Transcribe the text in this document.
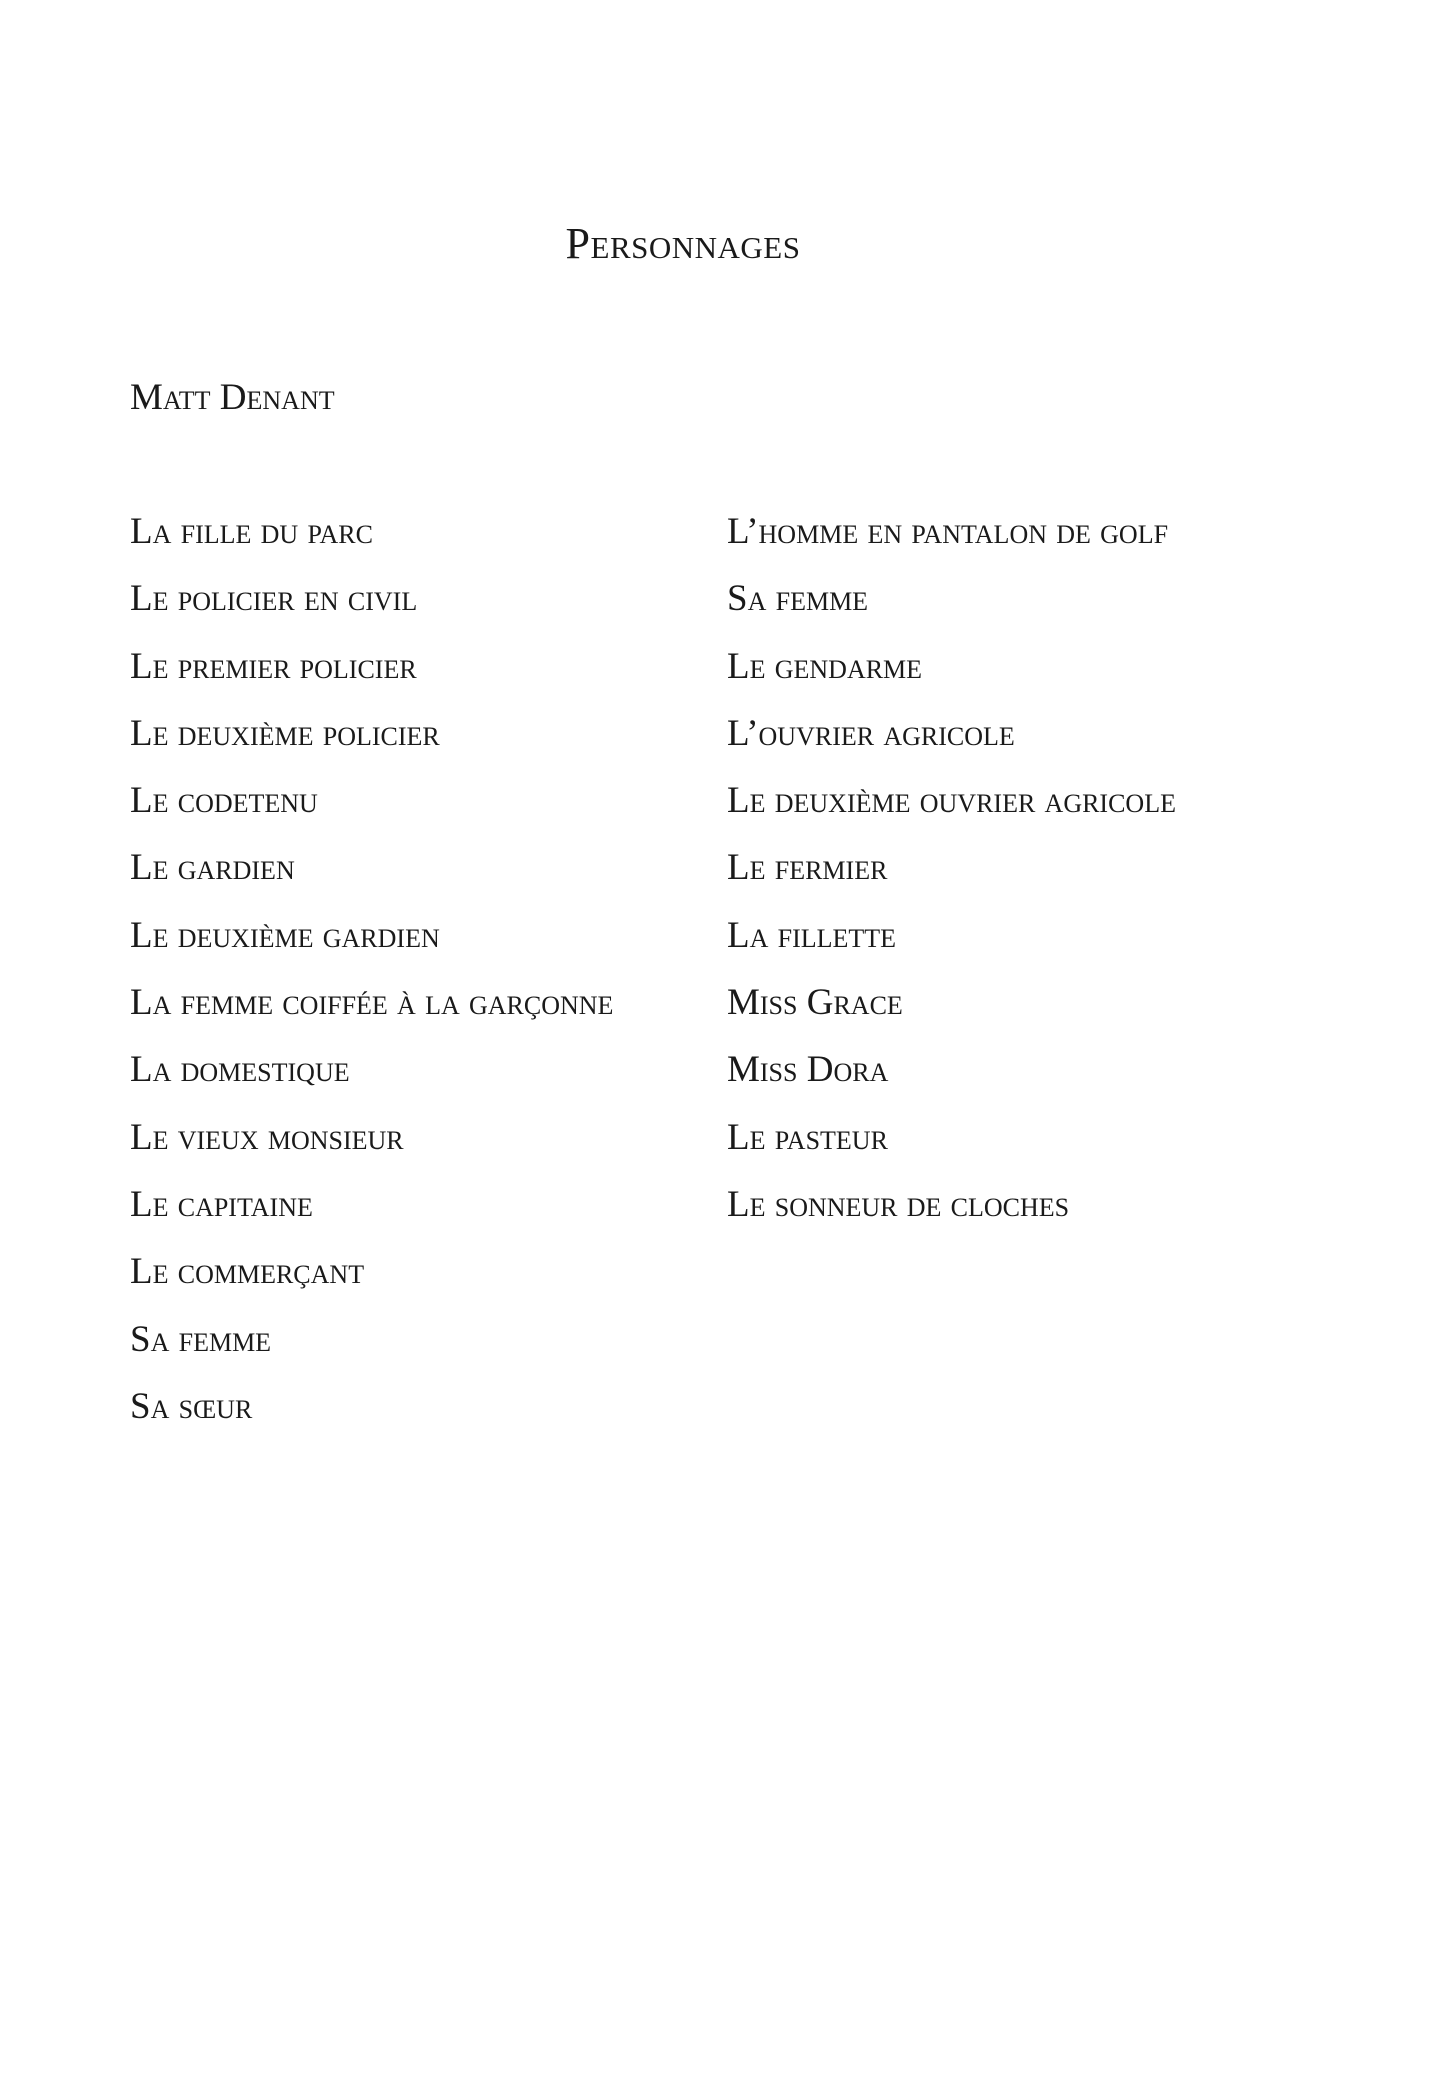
Personnages

Matt Denant

La fille du parc
Le policier en civil
Le premier policier
Le deuxième policier
Le codetenu
Le gardien
Le deuxième gardien
La femme coiffée à la garçonne
La domestique
Le vieux monsieur
Le capitaine
Le commerçant
Sa femme
Sa sœur
L’homme en pantalon de golf
Sa femme
Le gendarme
L’ouvrier agricole
Le deuxième ouvrier agricole
Le fermier
La fillette
Miss Grace
Miss Dora
Le pasteur
Le sonneur de cloches
